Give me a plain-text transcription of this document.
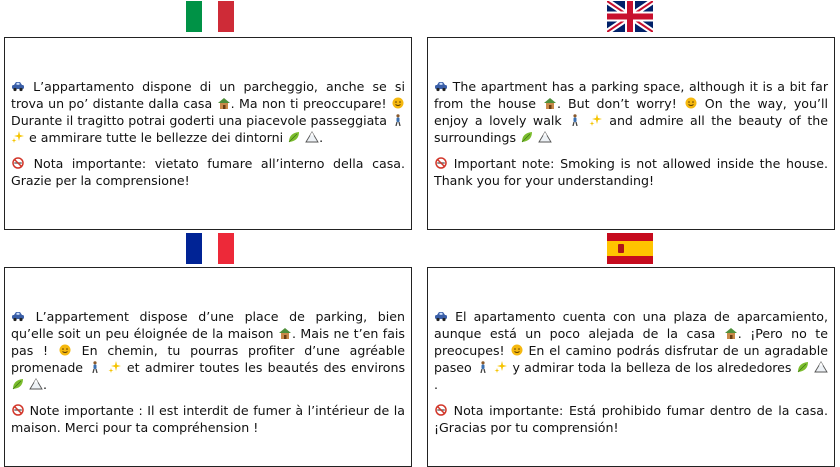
L’appartamento dispone di un parcheggio, anche se si trova un po’ distante dalla casa . Ma non ti preoccupare!
Durante il tragitto potrai goderti una piacevole passeggiata

e ammirare tutte le bellezze dei dintorni
	.

Nota importante: vietato fumare all’interno della casa. Grazie per la comprensione!

The apartment has a parking space, although it is a bit far from the house . But don’t worry! On the way, you’ll enjoy a lovely walk
	and admire all the beauty of the surroundings

Important note: Smoking is not allowed inside the house. Thank you for your understanding!

L’appartement dispose d’une place de parking, bien qu’elle soit un peu éloignée de la maison . Mais ne t’en fais pas !	En chemin, tu pourras profiter d’une agréable promenade
	et admirer toutes les beautés des environs

.

Note importante : Il est interdit de fumer à l’intérieur de la maison. Merci pour ta compréhension !

El apartamento cuenta con una plaza de aparcamiento, aunque está un poco alejada de la casa . ¡Pero no te preocupes! En el camino podrás disfrutar de un agradable paseo
	y admirar toda la belleza de los alrededores

.

Nota importante: Está prohibido fumar dentro de la casa. ¡Gracias por tu comprensión!
